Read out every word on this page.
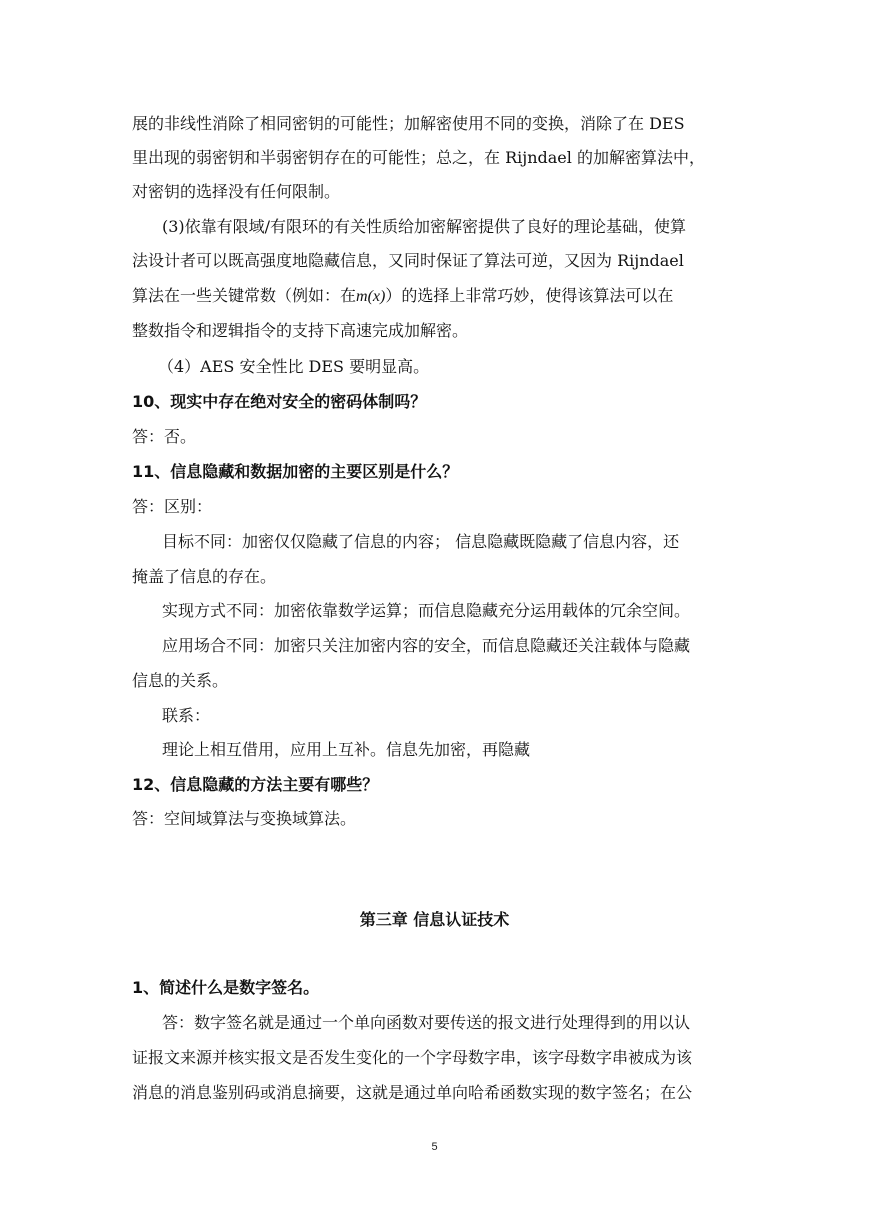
展的非线性消除了相同密钥的可能性；加解密使用不同的变换，消除了在 DES
里出现的弱密钥和半弱密钥存在的可能性；总之，在 Rijndael 的加解密算法中，
对密钥的选择没有任何限制。
(3)依靠有限域/有限环的有关性质给加密解密提供了良好的理论基础，使算
法设计者可以既高强度地隐藏信息，又同时保证了算法可逆，又因为 Rijndael
算法在一些关键常数（例如：在m(x)）的选择上非常巧妙，使得该算法可以在
整数指令和逻辑指令的支持下高速完成加解密。
（4）AES 安全性比 DES 要明显高。
10、现实中存在绝对安全的密码体制吗？
答：否。
11、信息隐藏和数据加密的主要区别是什么？
答：区别：
目标不同：加密仅仅隐藏了信息的内容； 信息隐藏既隐藏了信息内容，还
掩盖了信息的存在。
实现方式不同：加密依靠数学运算；而信息隐藏充分运用载体的冗余空间。
应用场合不同：加密只关注加密内容的安全，而信息隐藏还关注载体与隐藏
信息的关系。
联系：
理论上相互借用，应用上互补。信息先加密，再隐藏
12、信息隐藏的方法主要有哪些？
答：空间域算法与变换域算法。
第三章 信息认证技术
1、简述什么是数字签名。
答：数字签名就是通过一个单向函数对要传送的报文进行处理得到的用以认
证报文来源并核实报文是否发生变化的一个字母数字串，该字母数字串被成为该
消息的消息鉴别码或消息摘要，这就是通过单向哈希函数实现的数字签名；在公
5
